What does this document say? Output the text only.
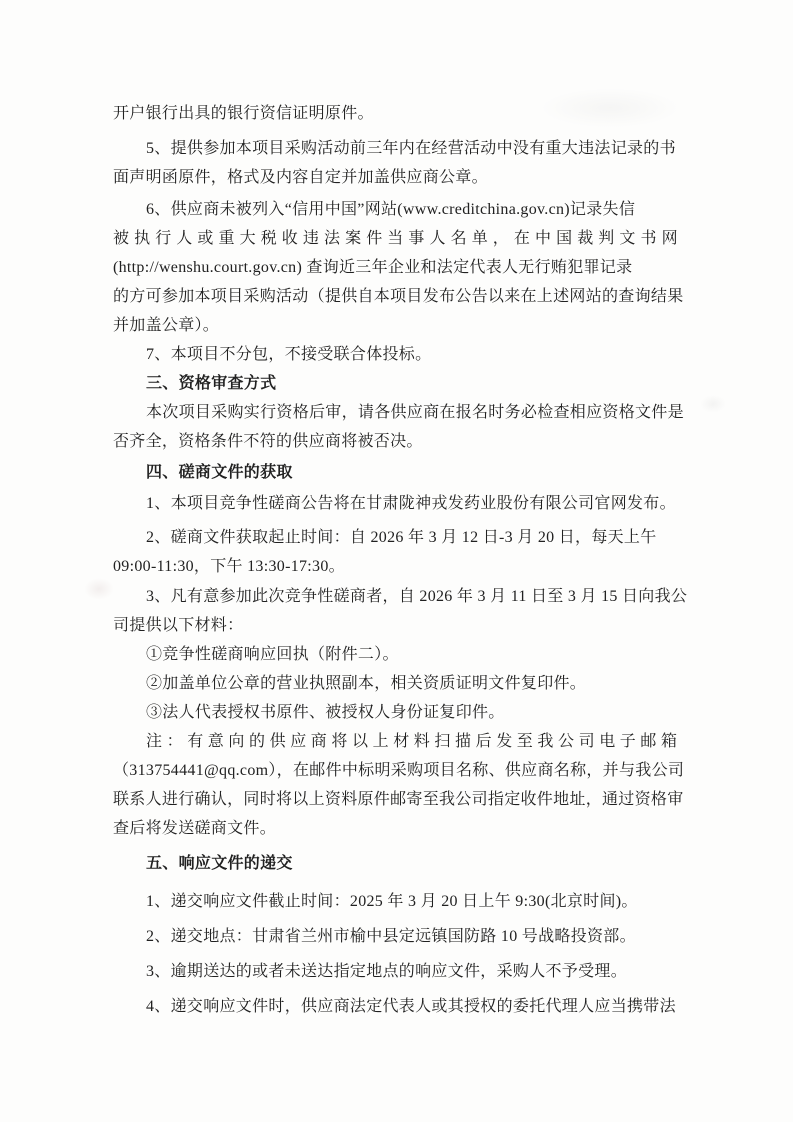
开户银行出具的银行资信证明原件。

5、提供参加本项目采购活动前三年内在经营活动中没有重大违法记录的书

面声明函原件，格式及内容自定并加盖供应商公章。

6、供应商未被列入“信用中国”网站(www.creditchina.gov.cn)记录失信

被执行人或重大税收违法案件当事人名单，在中国裁判文书网

(http://wenshu.court.gov.cn) 查询近三年企业和法定代表人无行贿犯罪记录

的方可参加本项目采购活动（提供自本项目发布公告以来在上述网站的查询结果

并加盖公章）。

7、本项目不分包，不接受联合体投标。

三、资格审查方式

本次项目采购实行资格后审，请各供应商在报名时务必检查相应资格文件是

否齐全，资格条件不符的供应商将被否决。

四、磋商文件的获取

1、本项目竞争性磋商公告将在甘肃陇神戎发药业股份有限公司官网发布。

2、磋商文件获取起止时间：自 2026 年 3 月 12 日-3 月 20 日，每天上午

09:00-11:30，下午 13:30-17:30。

3、凡有意参加此次竞争性磋商者，自 2026 年 3 月 11 日至 3 月 15 日向我公

司提供以下材料：

①竞争性磋商响应回执（附件二）。

②加盖单位公章的营业执照副本，相关资质证明文件复印件。

③法人代表授权书原件、被授权人身份证复印件。

注：有意向的供应商将以上材料扫描后发至我公司电子邮箱

（313754441@qq.com），在邮件中标明采购项目名称、供应商名称，并与我公司

联系人进行确认，同时将以上资料原件邮寄至我公司指定收件地址，通过资格审

查后将发送磋商文件。

五、响应文件的递交

1、递交响应文件截止时间：2025 年 3 月 20 日上午 9:30(北京时间)。

2、递交地点：甘肃省兰州市榆中县定远镇国防路 10 号战略投资部。

3、逾期送达的或者未送达指定地点的响应文件，采购人不予受理。

4、递交响应文件时，供应商法定代表人或其授权的委托代理人应当携带法
